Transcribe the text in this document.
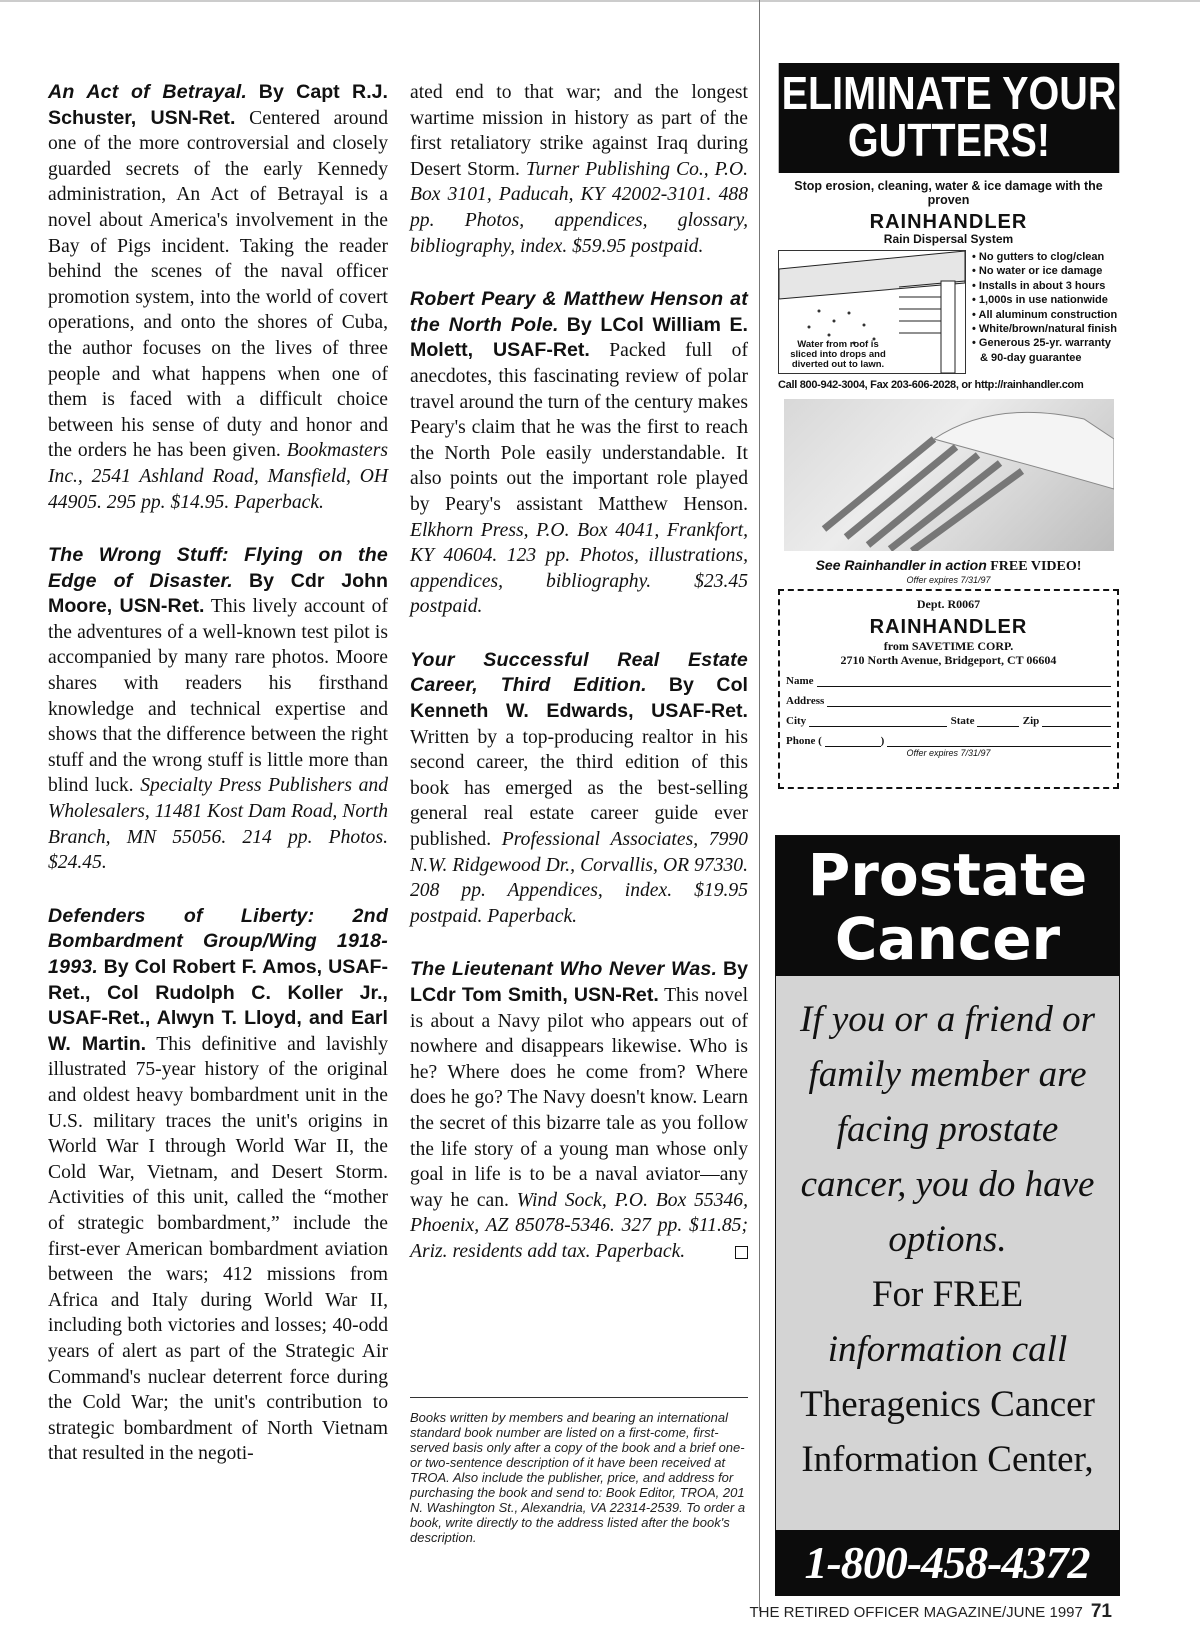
An Act of Betrayal. By Capt R.J. Schuster, USN-Ret. Centered around one of the more controversial and closely guarded secrets of the early Kennedy administration, An Act of Betrayal is a novel about America's involvement in the Bay of Pigs incident. Taking the reader behind the scenes of the naval officer promotion system, into the world of covert operations, and onto the shores of Cuba, the author focuses on the lives of three people and what happens when one of them is faced with a difficult choice between his sense of duty and honor and the orders he has been given. Bookmasters Inc., 2541 Ashland Road, Mansfield, OH 44905. 295 pp. $14.95. Paperback.
The Wrong Stuff: Flying on the Edge of Disaster. By Cdr John Moore, USN-Ret. This lively account of the adventures of a well-known test pilot is accompanied by many rare photos. Moore shares with readers his firsthand knowledge and technical expertise and shows that the difference between the right stuff and the wrong stuff is little more than blind luck. Specialty Press Publishers and Wholesalers, 11481 Kost Dam Road, North Branch, MN 55056. 214 pp. Photos. $24.45.
Defenders of Liberty: 2nd Bombardment Group/Wing 1918-1993. By Col Robert F. Amos, USAF-Ret., Col Rudolph C. Koller Jr., USAF-Ret., Alwyn T. Lloyd, and Earl W. Martin. This definitive and lavishly illustrated 75-year history of the original and oldest heavy bombardment unit in the U.S. military traces the unit's origins in World War I through World War II, the Cold War, Vietnam, and Desert Storm. Activities of this unit, called the “mother of strategic bombardment,” include the first-ever American bombardment aviation between the wars; 412 missions from Africa and Italy during World War II, including both victories and losses; 40-odd years of alert as part of the Strategic Air Command's nuclear deterrent force during the Cold War; the unit's contribution to strategic bombardment of North Vietnam that resulted in the negoti-
ated end to that war; and the longest wartime mission in history as part of the first retaliatory strike against Iraq during Desert Storm. Turner Publishing Co., P.O. Box 3101, Paducah, KY 42002-3101. 488 pp. Photos, appendices, glossary, bibliography, index. $59.95 postpaid.
Robert Peary & Matthew Henson at the North Pole. By LCol William E. Molett, USAF-Ret. Packed full of anecdotes, this fascinating review of polar travel around the turn of the century makes Peary's claim that he was the first to reach the North Pole easily understandable. It also points out the important role played by Peary's assistant Matthew Henson. Elkhorn Press, P.O. Box 4041, Frankfort, KY 40604. 123 pp. Photos, illustrations, appendices, bibliography. $23.45 postpaid.
Your Successful Real Estate Career, Third Edition. By Col Kenneth W. Edwards, USAF-Ret. Written by a top-producing realtor in his second career, the third edition of this book has emerged as the best-selling general real estate career guide ever published. Professional Associates, 7990 N.W. Ridgewood Dr., Corvallis, OR 97330. 208 pp. Appendices, index. $19.95 postpaid. Paperback.
The Lieutenant Who Never Was. By LCdr Tom Smith, USN-Ret. This novel is about a Navy pilot who appears out of nowhere and disappears likewise. Who is he? Where does he come from? Where does he go? The Navy doesn't know. Learn the secret of this bizarre tale as you follow the life story of a young man whose only goal in life is to be a naval aviator—any way he can. Wind Sock, P.O. Box 55346, Phoenix, AZ 85078-5346. 327 pp. $11.85; Ariz. residents add tax. Paperback.
Books written by members and bearing an international standard book number are listed on a first-come, first-served basis only after a copy of the book and a brief one- or two-sentence description of it have been received at TROA. Also include the publisher, price, and address for purchasing the book and send to: Book Editor, TROA, 201 N. Washington St., Alexandria, VA 22314-2539. To order a book, write directly to the address listed after the book's description.
ELIMINATE YOUR
GUTTERS!
Stop erosion, cleaning, water & ice damage with the proven
RAINHANDLER
Rain Dispersal System
Water from roof is sliced into drops and diverted out to lawn.
• No gutters to clog/clean
• No water or ice damage
• Installs in about 3 hours
• 1,000s in use nationwide
• All aluminum construction
• White/brown/natural finish
• Generous 25-yr. warranty
& 90-day guarantee
Call 800-942-3004, Fax 203-606-2028, or http://rainhandler.com
See Rainhandler in action FREE VIDEO!
Offer expires 7/31/97
Dept. R0067
RAINHANDLER
from SAVETIME CORP.
2710 North Avenue, Bridgeport, CT 06604
Name
Address
City	State	Zip
Phone (	)
Offer expires 7/31/97
Prostate
Cancer
If you or a friend or
family member are
facing prostate
cancer, you do have
options.
For FREE
information call
Theragenics Cancer
Information Center,
1-800-458-4372
THE RETIRED OFFICER MAGAZINE/JUNE 1997 71
